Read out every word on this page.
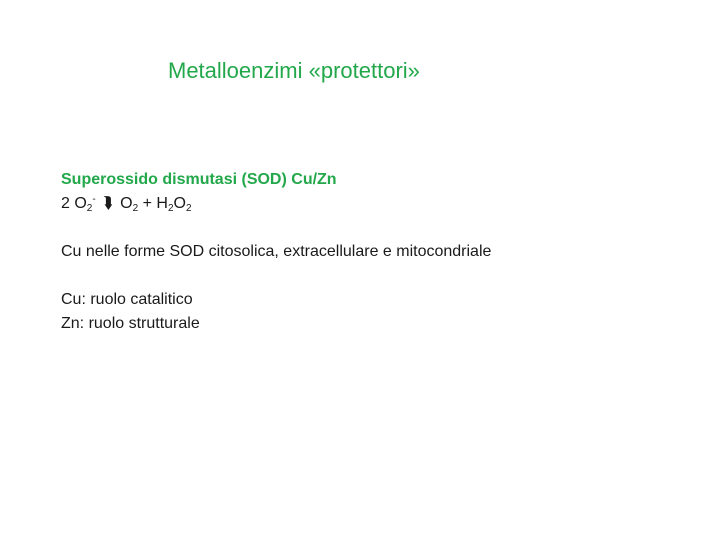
Metalloenzimi «protettori»
Superossido dismutasi (SOD) Cu/Zn
2 $O_2^-$ ⮯ $O_2 + H_2O_2$
Cu nelle forme SOD citosolica, extracellulare e mitocondriale
Cu: ruolo catalitico
Zn: ruolo strutturale
